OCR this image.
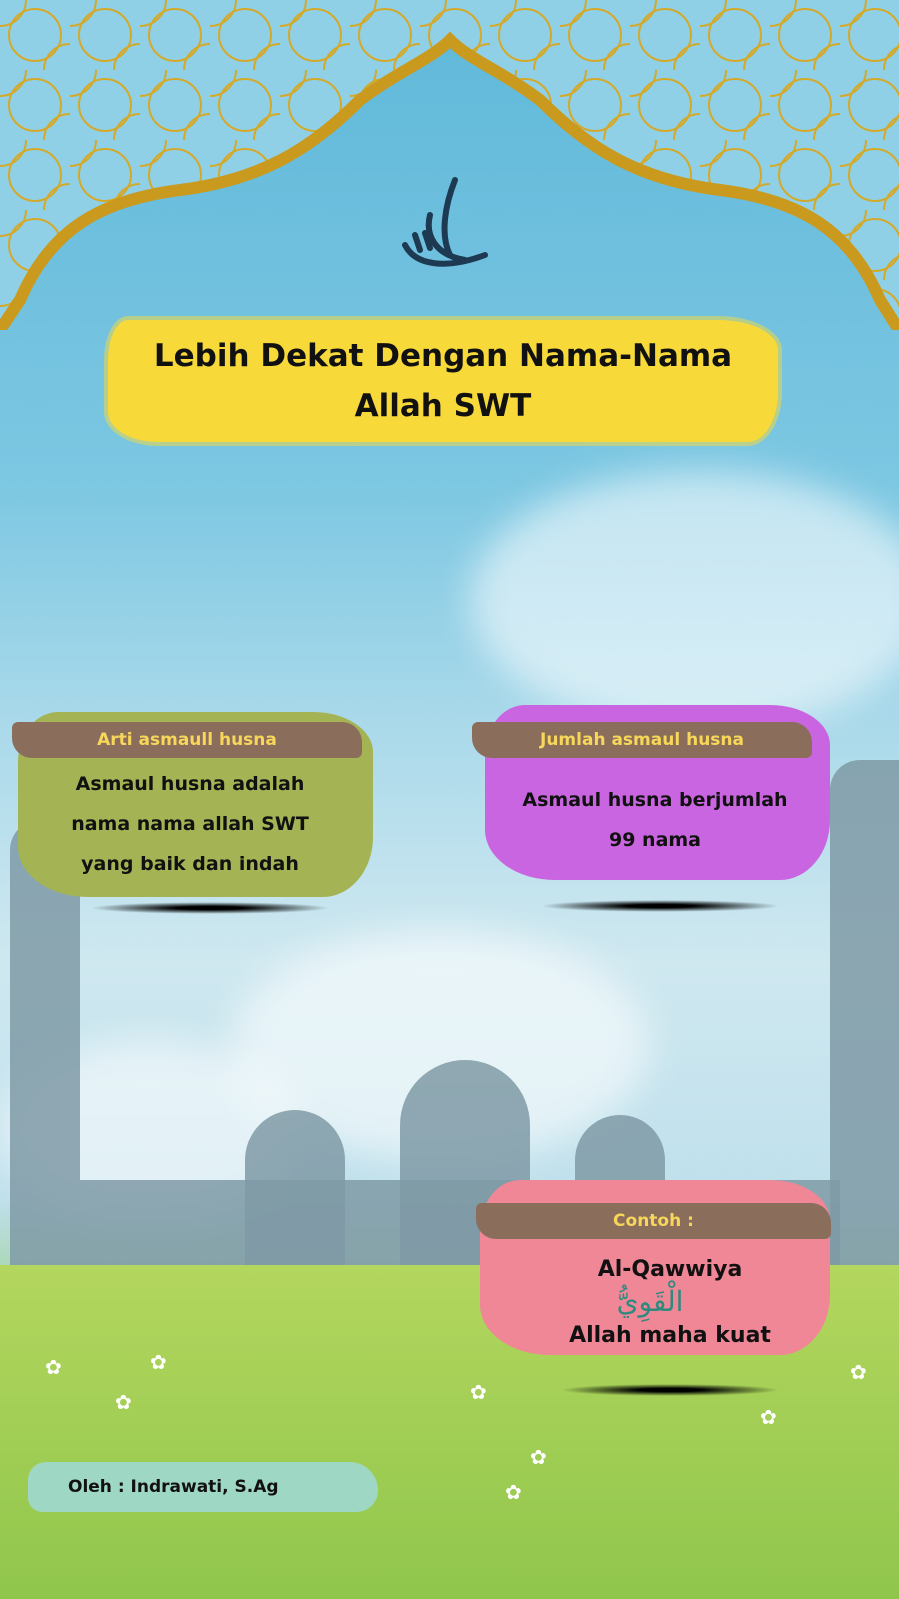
Lebih Dekat Dengan Nama-Nama Allah SWT
✿	✿
✿	✿
✿
✿
✿
✿
Arti asmaull husna
Asmaul husna adalah
nama nama allah SWT
yang baik dan indah
Jumlah asmaul husna
Asmaul husna berjumlah
99 nama
Contoh :
Al-Qawwiya
الْقَوِيُّ
Allah maha kuat
Oleh : Indrawati, S.Ag
